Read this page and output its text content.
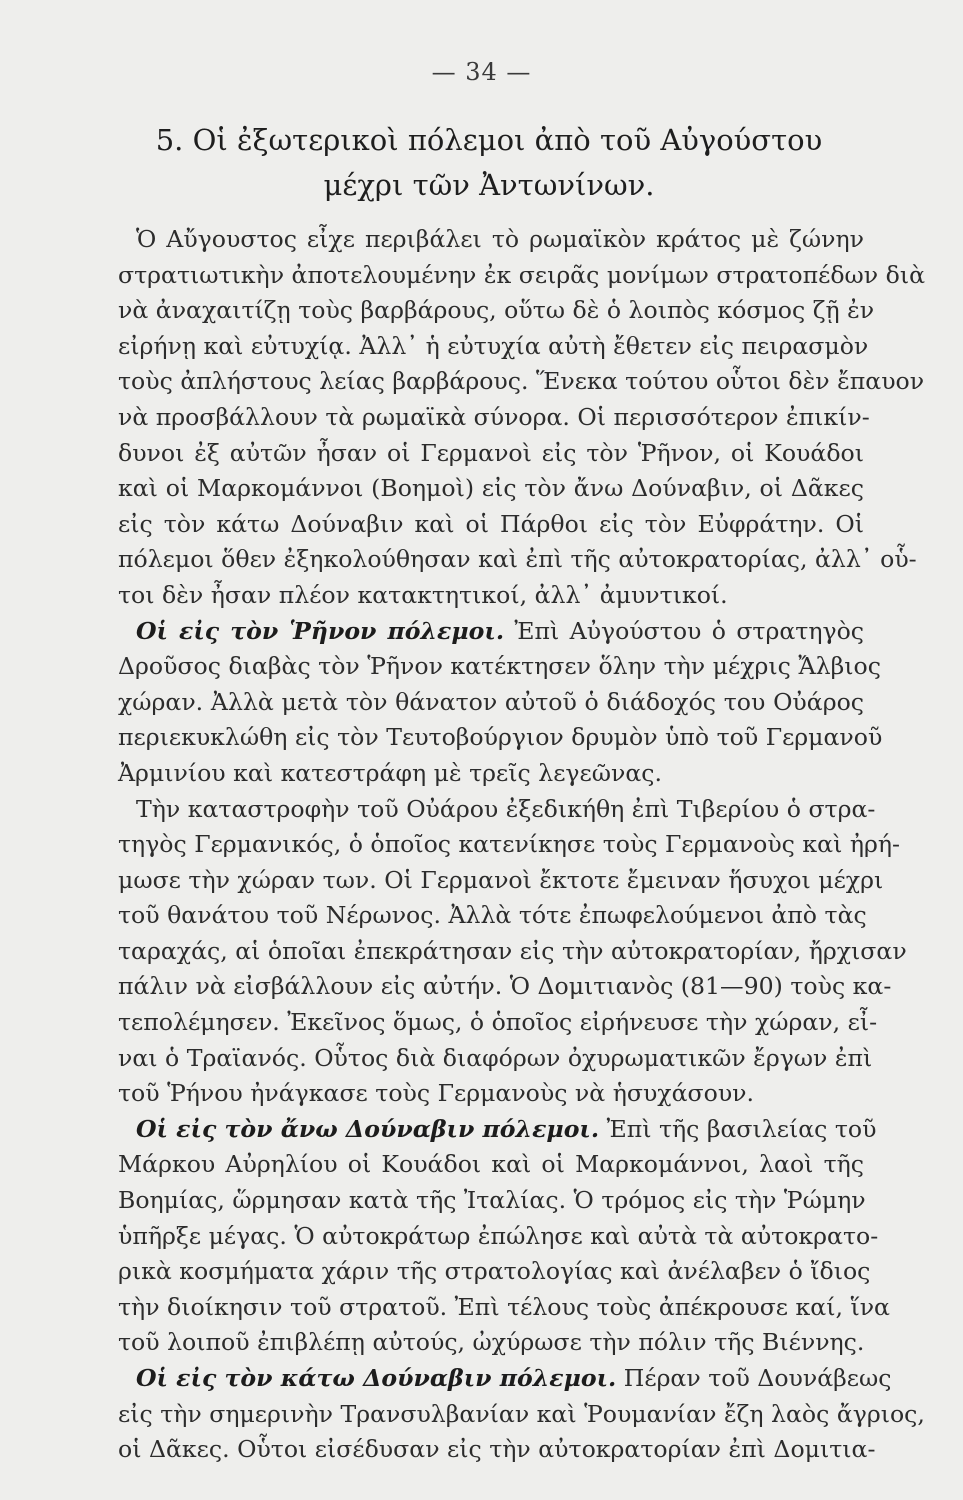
— 34 —
5. Οἱ ἐξωτερικοὶ πόλεμοι ἀπὸ τοῦ Αὐγούστου
μέχρι τῶν Ἀντωνίνων.
Ὁ Αὔγουστος εἶχε περιβάλει τὸ ρωμαϊκὸν κράτος μὲ ζώνην
στρατιωτικὴν ἀποτελουμένην ἐκ σειρᾶς μονίμων στρατοπέδων διὰ
νὰ ἀναχαιτίζῃ τοὺς βαρβάρους, οὕτω δὲ ὁ λοιπὸς κόσμος ζῇ ἐν
εἰρήνῃ καὶ εὐτυχίᾳ. Ἀλλ᾿ ἡ εὐτυχία αὐτὴ ἔθετεν εἰς πειρασμὸν
τοὺς ἀπλήστους λείας βαρβάρους. Ἕνεκα τούτου οὗτοι δὲν ἔπαυον
νὰ προσβάλλουν τὰ ρωμαϊκὰ σύνορα. Οἱ περισσότερον ἐπικίν-
δυνοι ἐξ αὐτῶν ἦσαν οἱ Γερμανοὶ εἰς τὸν Ῥῆνον, οἱ Κουάδοι
καὶ οἱ Μαρκομάννοι (Βοημοὶ) εἰς τὸν ἄνω Δούναβιν, οἱ Δᾶκες
εἰς τὸν κάτω Δούναβιν καὶ οἱ Πάρθοι εἰς τὸν Εὐφράτην. Οἱ
πόλεμοι ὅθεν ἐξηκολούθησαν καὶ ἐπὶ τῆς αὐτοκρατορίας, ἀλλ᾿ οὗ-
τοι δὲν ἦσαν πλέον κατακτητικοί, ἀλλ᾿ ἀμυντικοί.
Οἱ εἰς τὸν Ῥῆνον πόλεμοι. Ἐπὶ Αὐγούστου ὁ στρατηγὸς
Δροῦσος διαβὰς τὸν Ῥῆνον κατέκτησεν ὅλην τὴν μέχρις Ἄλβιος
χώραν. Ἀλλὰ μετὰ τὸν θάνατον αὐτοῦ ὁ διάδοχός του Οὐάρος
περιεκυκλώθη εἰς τὸν Τευτοβούργιον δρυμὸν ὑπὸ τοῦ Γερμανοῦ
Ἀρμινίου καὶ κατεστράφη μὲ τρεῖς λεγεῶνας.
Τὴν καταστροφὴν τοῦ Οὐάρου ἐξεδικήθη ἐπὶ Τιβερίου ὁ στρα-
τηγὸς Γερμανικός, ὁ ὁποῖος κατενίκησε τοὺς Γερμανοὺς καὶ ἠρή-
μωσε τὴν χώραν των. Οἱ Γερμανοὶ ἔκτοτε ἔμειναν ἥσυχοι μέχρι
τοῦ θανάτου τοῦ Νέρωνος. Ἀλλὰ τότε ἐπωφελούμενοι ἀπὸ τὰς
ταραχάς, αἱ ὁποῖαι ἐπεκράτησαν εἰς τὴν αὐτοκρατορίαν, ἤρχισαν
πάλιν νὰ εἰσβάλλουν εἰς αὐτήν. Ὁ Δομιτιανὸς (81—90) τοὺς κα-
τεπολέμησεν. Ἐκεῖνος ὅμως, ὁ ὁποῖος εἰρήνευσε τὴν χώραν, εἶ-
ναι ὁ Τραϊανός. Οὗτος διὰ διαφόρων ὀχυρωματικῶν ἔργων ἐπὶ
τοῦ Ῥήνου ἠνάγκασε τοὺς Γερμανοὺς νὰ ἡσυχάσουν.
Οἱ εἰς τὸν ἄνω Δούναβιν πόλεμοι. Ἐπὶ τῆς βασιλείας τοῦ
Μάρκου Αὐρηλίου οἱ Κουάδοι καὶ οἱ Μαρκομάννοι, λαοὶ τῆς
Βοημίας, ὥρμησαν κατὰ τῆς Ἰταλίας. Ὁ τρόμος εἰς τὴν Ῥώμην
ὑπῆρξε μέγας. Ὁ αὐτοκράτωρ ἐπώλησε καὶ αὐτὰ τὰ αὐτοκρατο-
ρικὰ κοσμήματα χάριν τῆς στρατολογίας καὶ ἀνέλαβεν ὁ ἴδιος
τὴν διοίκησιν τοῦ στρατοῦ. Ἐπὶ τέλους τοὺς ἀπέκρουσε καί, ἵνα
τοῦ λοιποῦ ἐπιβλέπῃ αὐτούς, ὠχύρωσε τὴν πόλιν τῆς Βιέννης.
Οἱ εἰς τὸν κάτω Δούναβιν πόλεμοι. Πέραν τοῦ Δουνάβεως
εἰς τὴν σημερινὴν Τρανσυλβανίαν καὶ Ῥουμανίαν ἔζη λαὸς ἄγριος,
οἱ Δᾶκες. Οὗτοι εἰσέδυσαν εἰς τὴν αὐτοκρατορίαν ἐπὶ Δομιτια-
